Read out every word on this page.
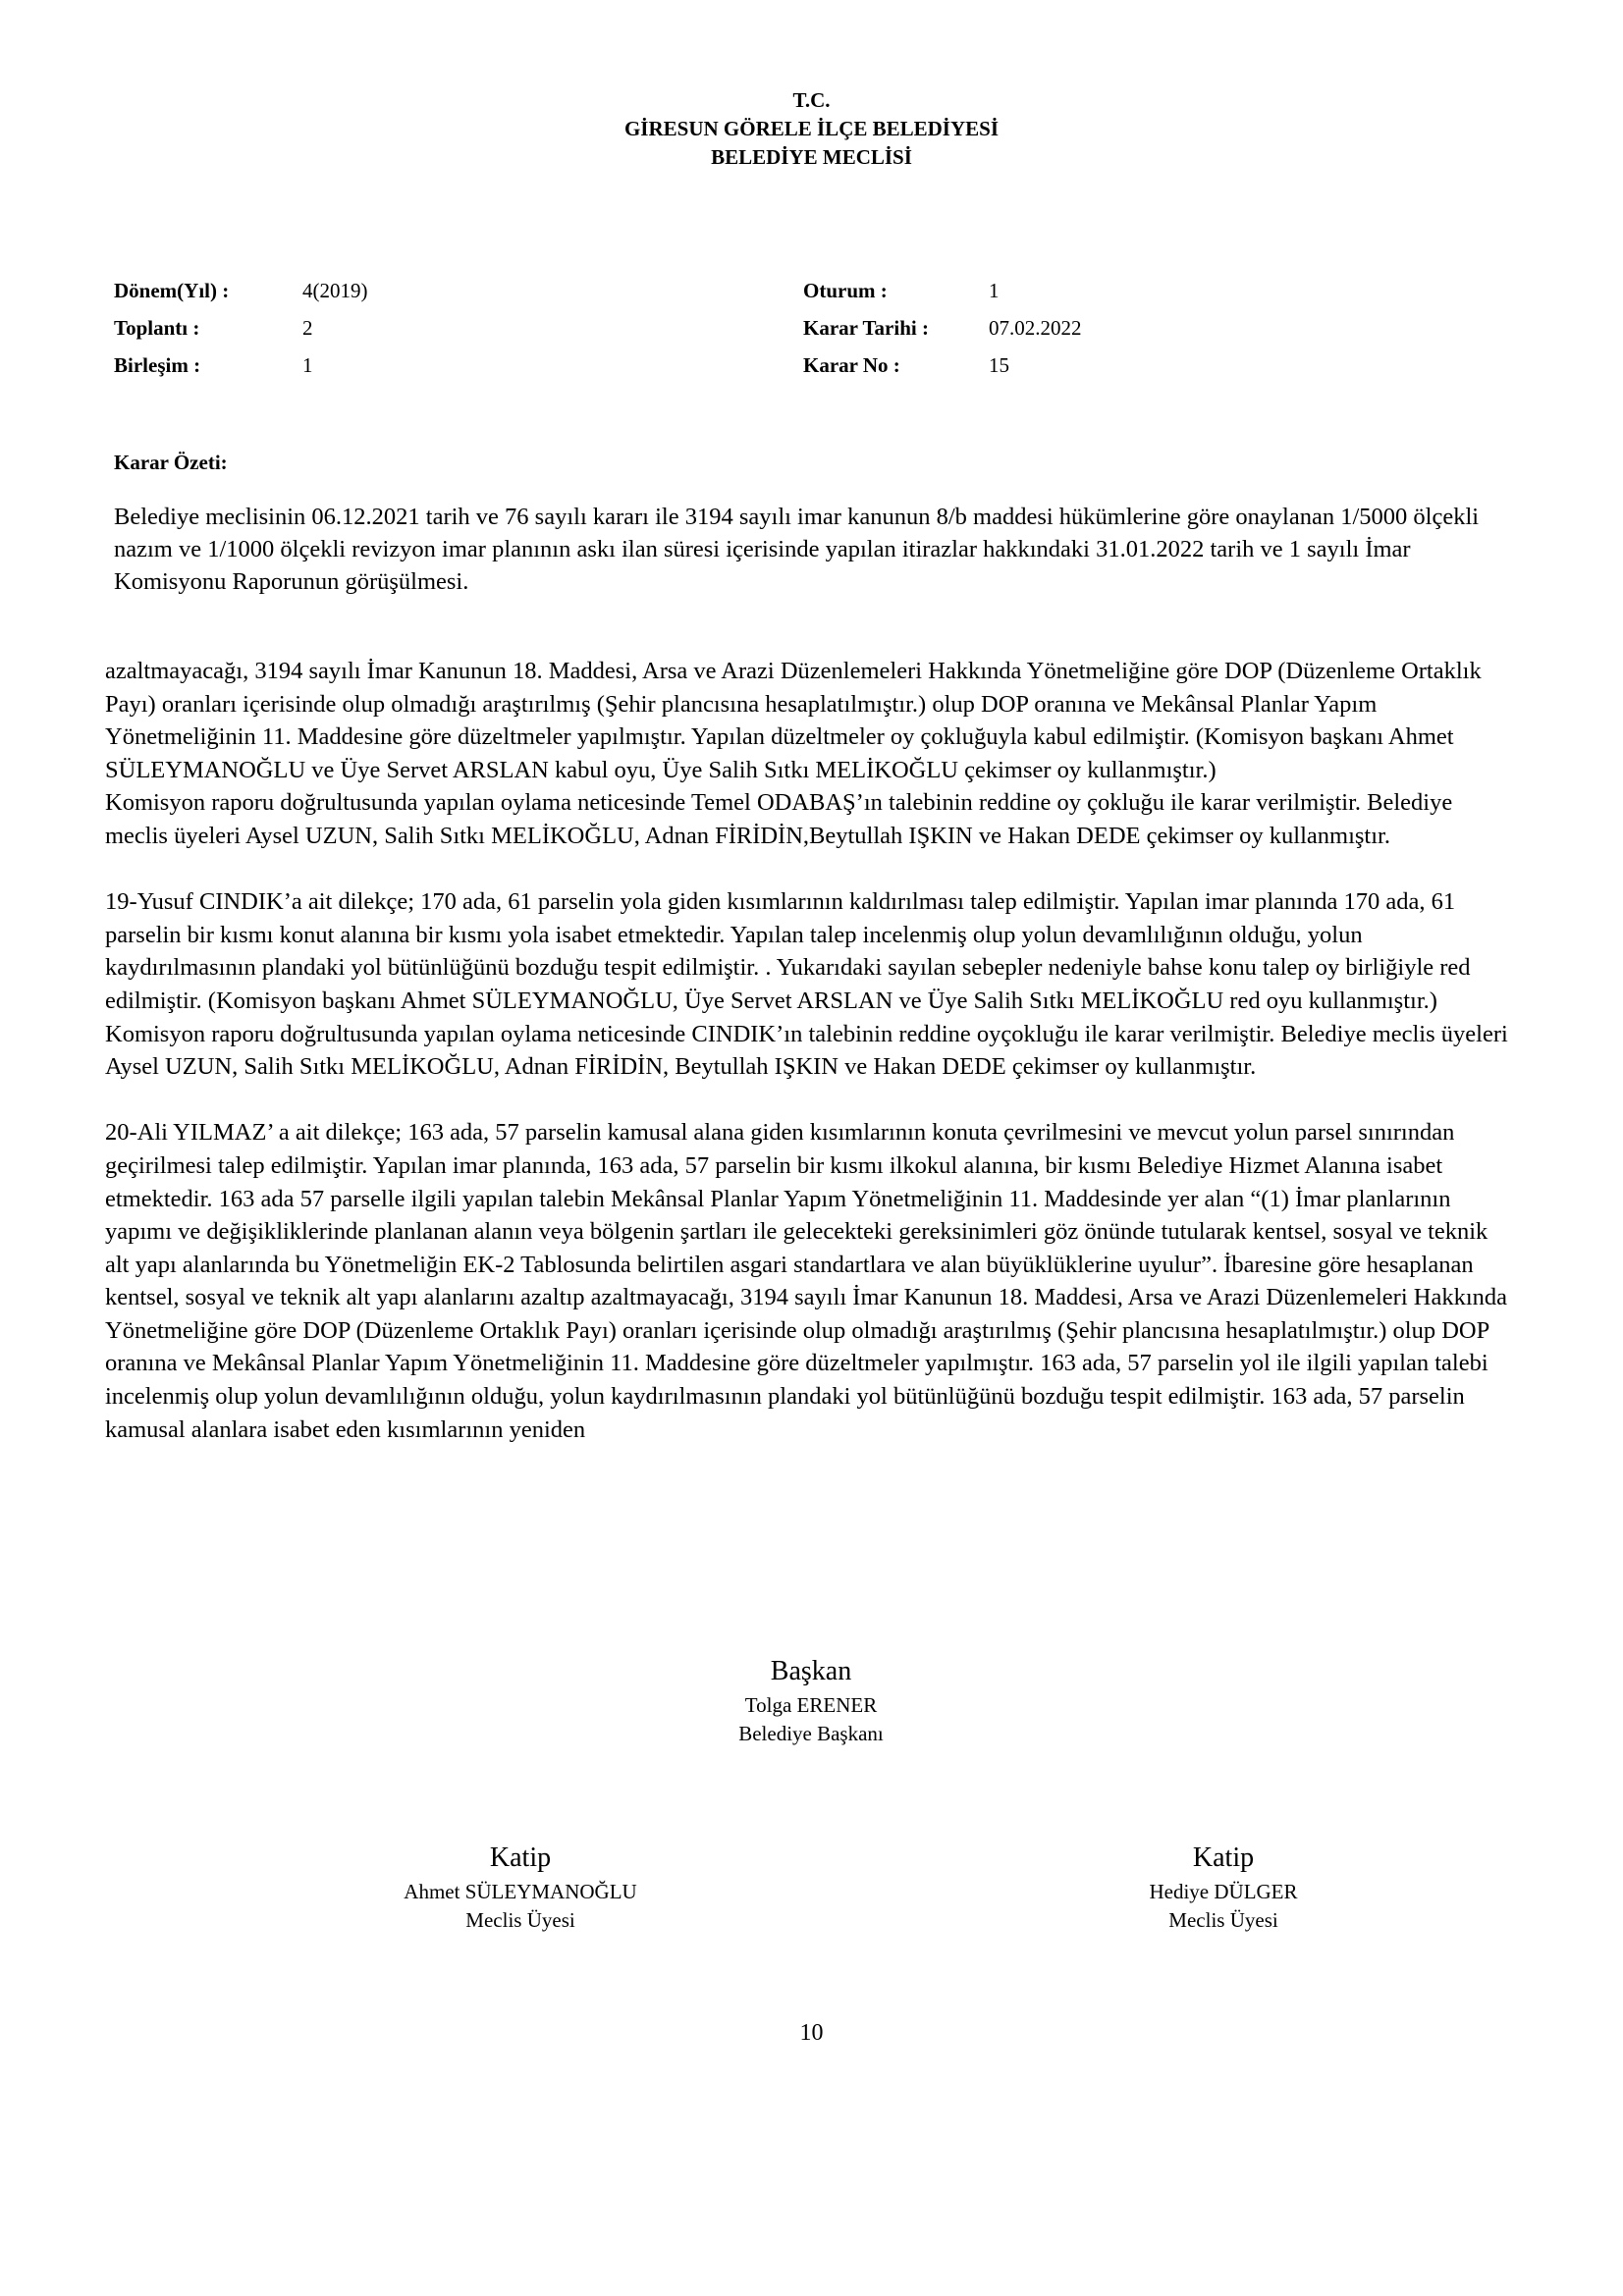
T.C.
GİRESUN GÖRELE İLÇE BELEDİYESİ
BELEDİYE MECLİSİ
Dönem(Yıl) :	4(2019)
Toplantı :	2
Birleşim :	1
Oturum :	1
Karar Tarihi :	07.02.2022
Karar No :	15
Karar Özeti:
Belediye meclisinin 06.12.2021 tarih ve 76 sayılı kararı ile 3194 sayılı imar kanunun 8/b maddesi hükümlerine göre onaylanan 1/5000 ölçekli nazım ve 1/1000 ölçekli revizyon imar planının askı ilan süresi içerisinde yapılan itirazlar hakkındaki 31.01.2022 tarih ve 1 sayılı İmar Komisyonu Raporunun görüşülmesi.

azaltmayacağı, 3194 sayılı İmar Kanunun 18. Maddesi, Arsa ve Arazi Düzenlemeleri Hakkında Yönetmeliğine göre DOP (Düzenleme Ortaklık Payı) oranları içerisinde olup olmadığı araştırılmış (Şehir plancısına hesaplatılmıştır.) olup DOP oranına ve Mekânsal Planlar Yapım Yönetmeliğinin 11. Maddesine göre düzeltmeler yapılmıştır. Yapılan düzeltmeler oy çokluğuyla kabul edilmiştir. (Komisyon başkanı Ahmet SÜLEYMANOĞLU ve Üye Servet ARSLAN kabul oyu, Üye Salih Sıtkı MELİKOĞLU çekimser oy kullanmıştır.)

Komisyon raporu doğrultusunda yapılan oylama neticesinde Temel ODABAŞ’ın talebinin reddine oy çokluğu ile karar verilmiştir. Belediye meclis üyeleri Aysel UZUN, Salih Sıtkı MELİKOĞLU, Adnan FİRİDİN,Beytullah IŞKIN ve Hakan DEDE çekimser oy kullanmıştır.

19-Yusuf CINDIK’a ait dilekçe; 170 ada, 61 parselin yola giden kısımlarının kaldırılması talep edilmiştir. Yapılan imar planında 170 ada, 61 parselin bir kısmı konut alanına bir kısmı yola isabet etmektedir. Yapılan talep incelenmiş olup yolun devamlılığının olduğu, yolun kaydırılmasının plandaki yol bütünlüğünü bozduğu tespit edilmiştir. . Yukarıdaki sayılan sebepler nedeniyle bahse konu talep oy birliğiyle red edilmiştir. (Komisyon başkanı Ahmet SÜLEYMANOĞLU, Üye Servet ARSLAN ve Üye Salih Sıtkı MELİKOĞLU red oyu kullanmıştır.)

Komisyon raporu doğrultusunda yapılan oylama neticesinde CINDIK’ın talebinin reddine oyçokluğu ile karar verilmiştir. Belediye meclis üyeleri Aysel UZUN, Salih Sıtkı MELİKOĞLU, Adnan FİRİDİN, Beytullah IŞKIN ve Hakan DEDE çekimser oy kullanmıştır.

20-Ali YILMAZ’ a ait dilekçe; 163 ada, 57 parselin kamusal alana giden kısımlarının konuta çevrilmesini ve mevcut yolun parsel sınırından geçirilmesi talep edilmiştir. Yapılan imar planında, 163 ada, 57 parselin bir kısmı ilkokul alanına, bir kısmı Belediye Hizmet Alanına isabet etmektedir. 163 ada 57 parselle ilgili yapılan talebin Mekânsal Planlar Yapım Yönetmeliğinin 11. Maddesinde yer alan “(1) İmar planlarının yapımı ve değişikliklerinde planlanan alanın veya bölgenin şartları ile gelecekteki gereksinimleri göz önünde tutularak kentsel, sosyal ve teknik alt yapı alanlarında bu Yönetmeliğin EK-2 Tablosunda belirtilen asgari standartlara ve alan büyüklüklerine uyulur”. İbaresine göre hesaplanan kentsel, sosyal ve teknik alt yapı alanlarını azaltıp azaltmayacağı, 3194 sayılı İmar Kanunun 18. Maddesi, Arsa ve Arazi Düzenlemeleri Hakkında Yönetmeliğine göre DOP (Düzenleme Ortaklık Payı) oranları içerisinde olup olmadığı araştırılmış (Şehir plancısına hesaplatılmıştır.) olup DOP oranına ve Mekânsal Planlar Yapım Yönetmeliğinin 11. Maddesine göre düzeltmeler yapılmıştır. 163 ada, 57 parselin yol ile ilgili yapılan talebi incelenmiş olup yolun devamlılığının olduğu, yolun kaydırılmasının plandaki yol bütünlüğünü bozduğu tespit edilmiştir. 163 ada, 57 parselin kamusal alanlara isabet eden kısımlarının yeniden

Başkan
Tolga ERENER
Belediye Başkanı
Katip
Ahmet SÜLEYMANOĞLU
Meclis Üyesi
Katip
Hediye DÜLGER
Meclis Üyesi
10
